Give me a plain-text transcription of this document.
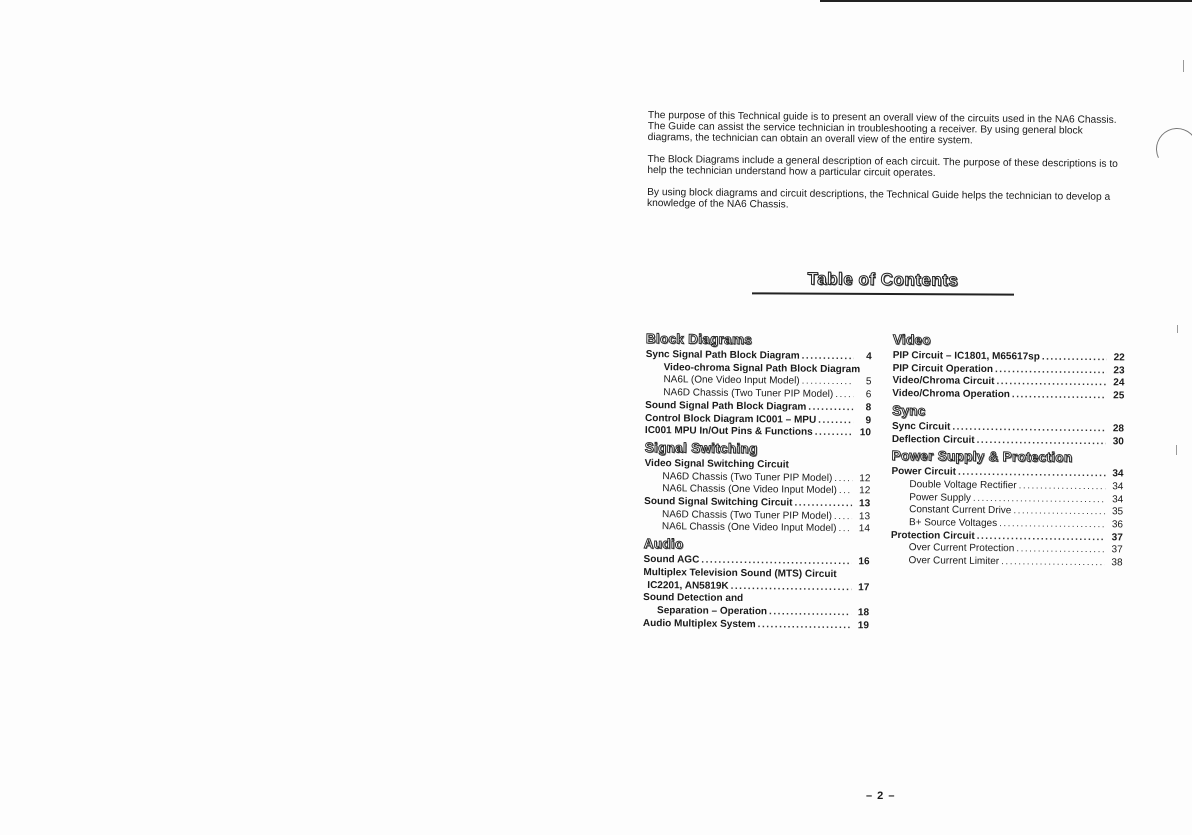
The purpose of this Technical guide is to present an overall view of the circuits used in the NA6 Chassis. The Guide can assist the service technician in troubleshooting a receiver. By using general block diagrams, the technician can obtain an overall view of the entire system.

The Block Diagrams include a general description of each circuit. The purpose of these descriptions is to help the technician understand how a particular circuit operates.

By using block diagrams and circuit descriptions, the Technical Guide helps the technician to develop a knowledge of the NA6 Chassis.

Table of Contents
Block Diagrams
Sync Signal Path Block Diagram .....	4
Video-chroma Signal Path Block Diagram
NA6L (One Video Input Model) .....	5
NA6D Chassis (Two Tuner PIP Model) .....	6
Sound Signal Path Block Diagram .....	8
Control Block Diagram IC001 – MPU .....	9
IC001 MPU In/Out Pins & Functions .....	10
Signal Switching
Video Signal Switching Circuit
NA6D Chassis (Two Tuner PIP Model) .....	12
NA6L Chassis (One Video Input Model) .....	12
Sound Signal Switching Circuit .....	13
NA6D Chassis (Two Tuner PIP Model) .....	13
NA6L Chassis (One Video Input Model) .....	14
Audio
Sound AGC .....	16
Multiplex Television Sound (MTS) Circuit
IC2201, AN5819K .....	17
Sound Detection and
Separation – Operation .....	18
Audio Multiplex System .....	19
Video
PIP Circuit – IC1801, M65617sp .....	22
PIP Circuit Operation .....	23
Video/Chroma Circuit .....	24
Video/Chroma Operation .....	25
Sync
Sync Circuit .....	28
Deflection Circuit .....	30
Power Supply & Protection
Power Circuit .....	34
Double Voltage Rectifier .....	34
Power Supply .....	34
Constant Current Drive .....	35
B+ Source Voltages .....	36
Protection Circuit .....	37
Over Current Protection .....	37
Over Current Limiter .....	38
– 2 –
